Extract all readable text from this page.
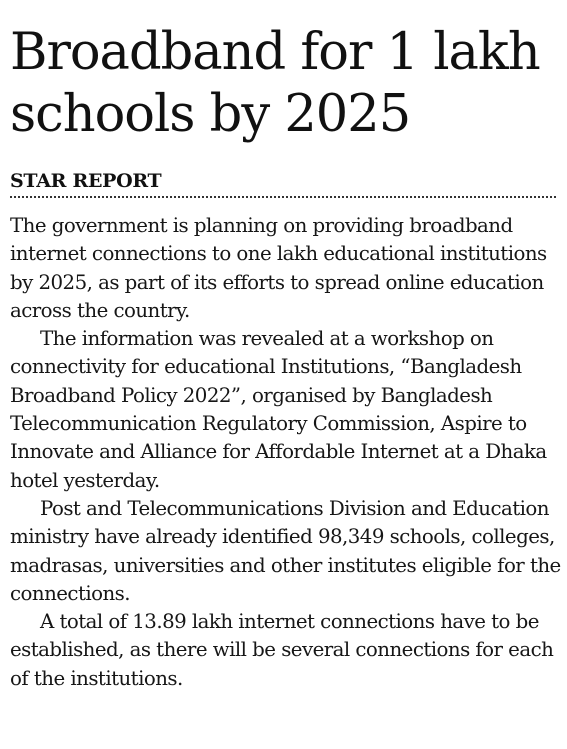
Broadband for 1 lakh schools by 2025
STAR REPORT

The government is planning on providing broadband internet connections to one lakh educational institutions by 2025, as part of its efforts to spread online education across the country.

The information was revealed at a workshop on connectivity for educational Institutions, “Bangladesh Broadband Policy 2022”, organised by Bangladesh Telecommunication Regulatory Commission, Aspire to Innovate and Alliance for Affordable Internet at a Dhaka hotel yesterday.

Post and Telecommunications Division and Education ministry have already identified 98,349 schools, colleges, madrasas, universities and other institutes eligible for the connections.

A total of 13.89 lakh internet connections have to be established, as there will be several connections for each of the institutions.
